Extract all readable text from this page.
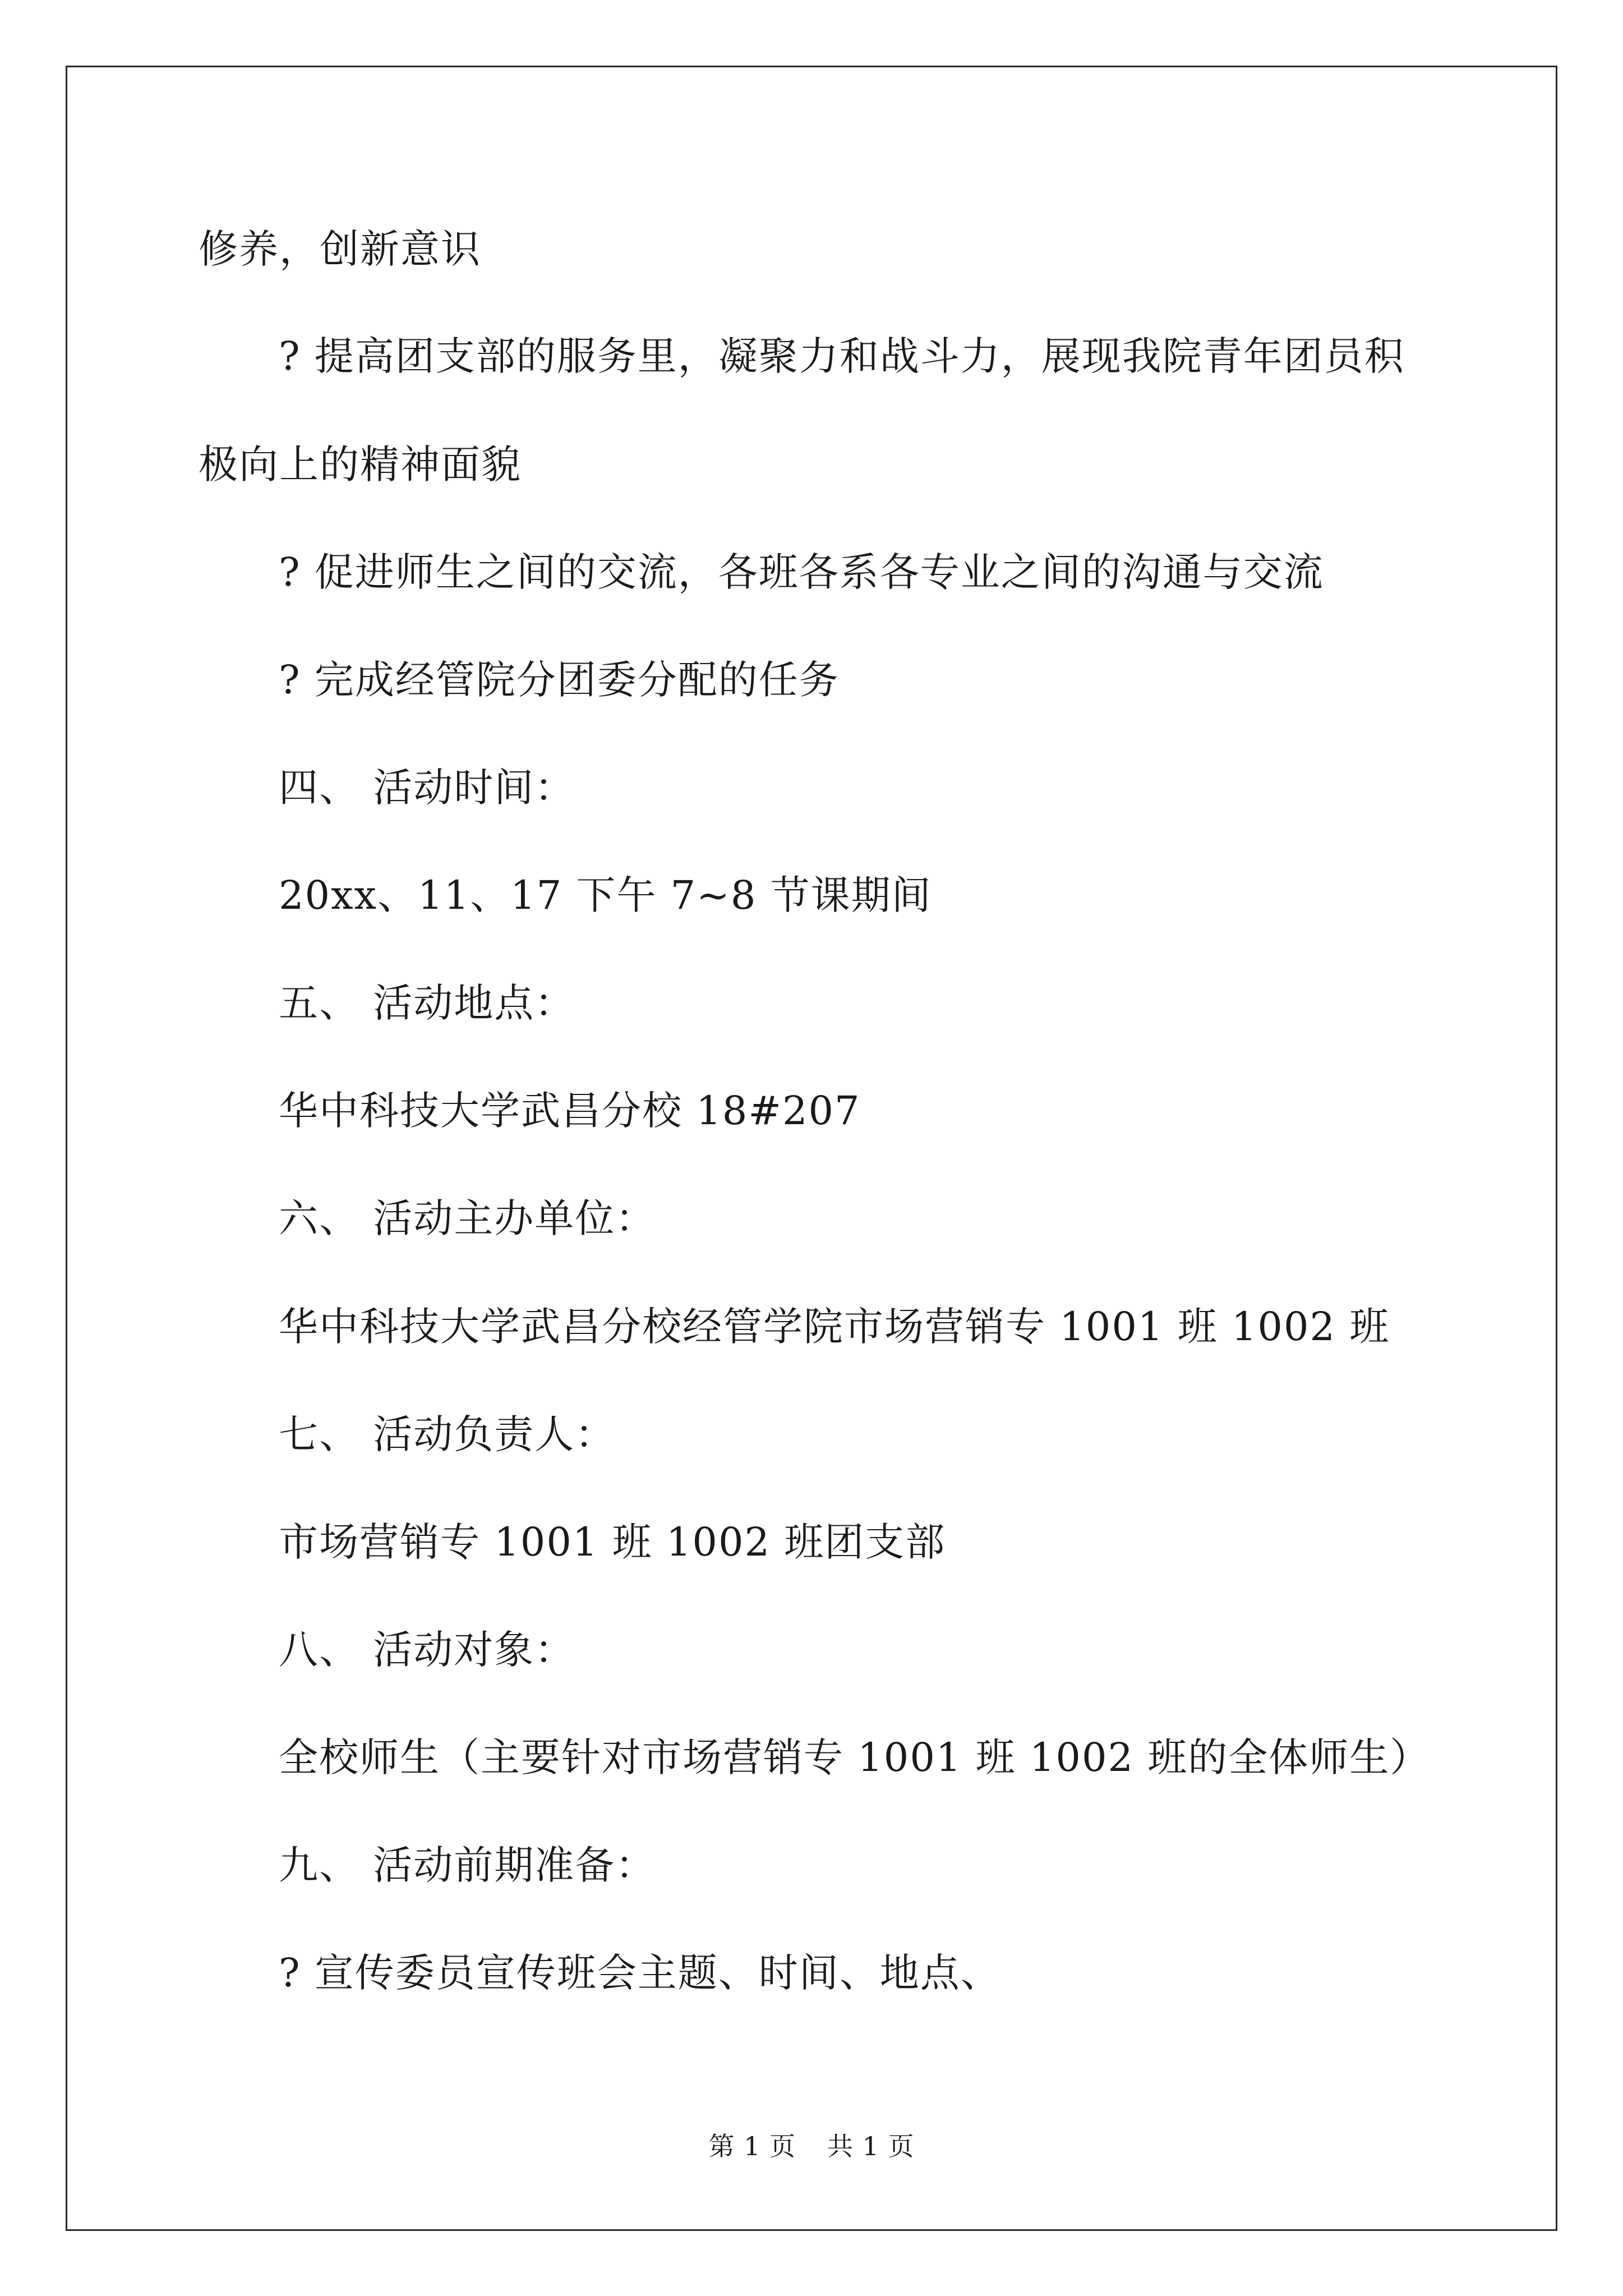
修养，创新意识
? 提高团支部的服务里，凝聚力和战斗力，展现我院青年团员积
极向上的精神面貌
? 促进师生之间的交流，各班各系各专业之间的沟通与交流
? 完成经管院分团委分配的任务
四、 活动时间：
20xx、11、17 下午 7~8 节课期间
五、 活动地点：
华中科技大学武昌分校 18#207
六、 活动主办单位：
华中科技大学武昌分校经管学院市场营销专 1001 班 1002 班
七、 活动负责人：
市场营销专 1001 班 1002 班团支部
八、 活动对象：
全校师生（主要针对市场营销专 1001 班 1002 班的全体师生）
九、 活动前期准备：
? 宣传委员宣传班会主题、时间、地点、
第 1 页 共 1 页
